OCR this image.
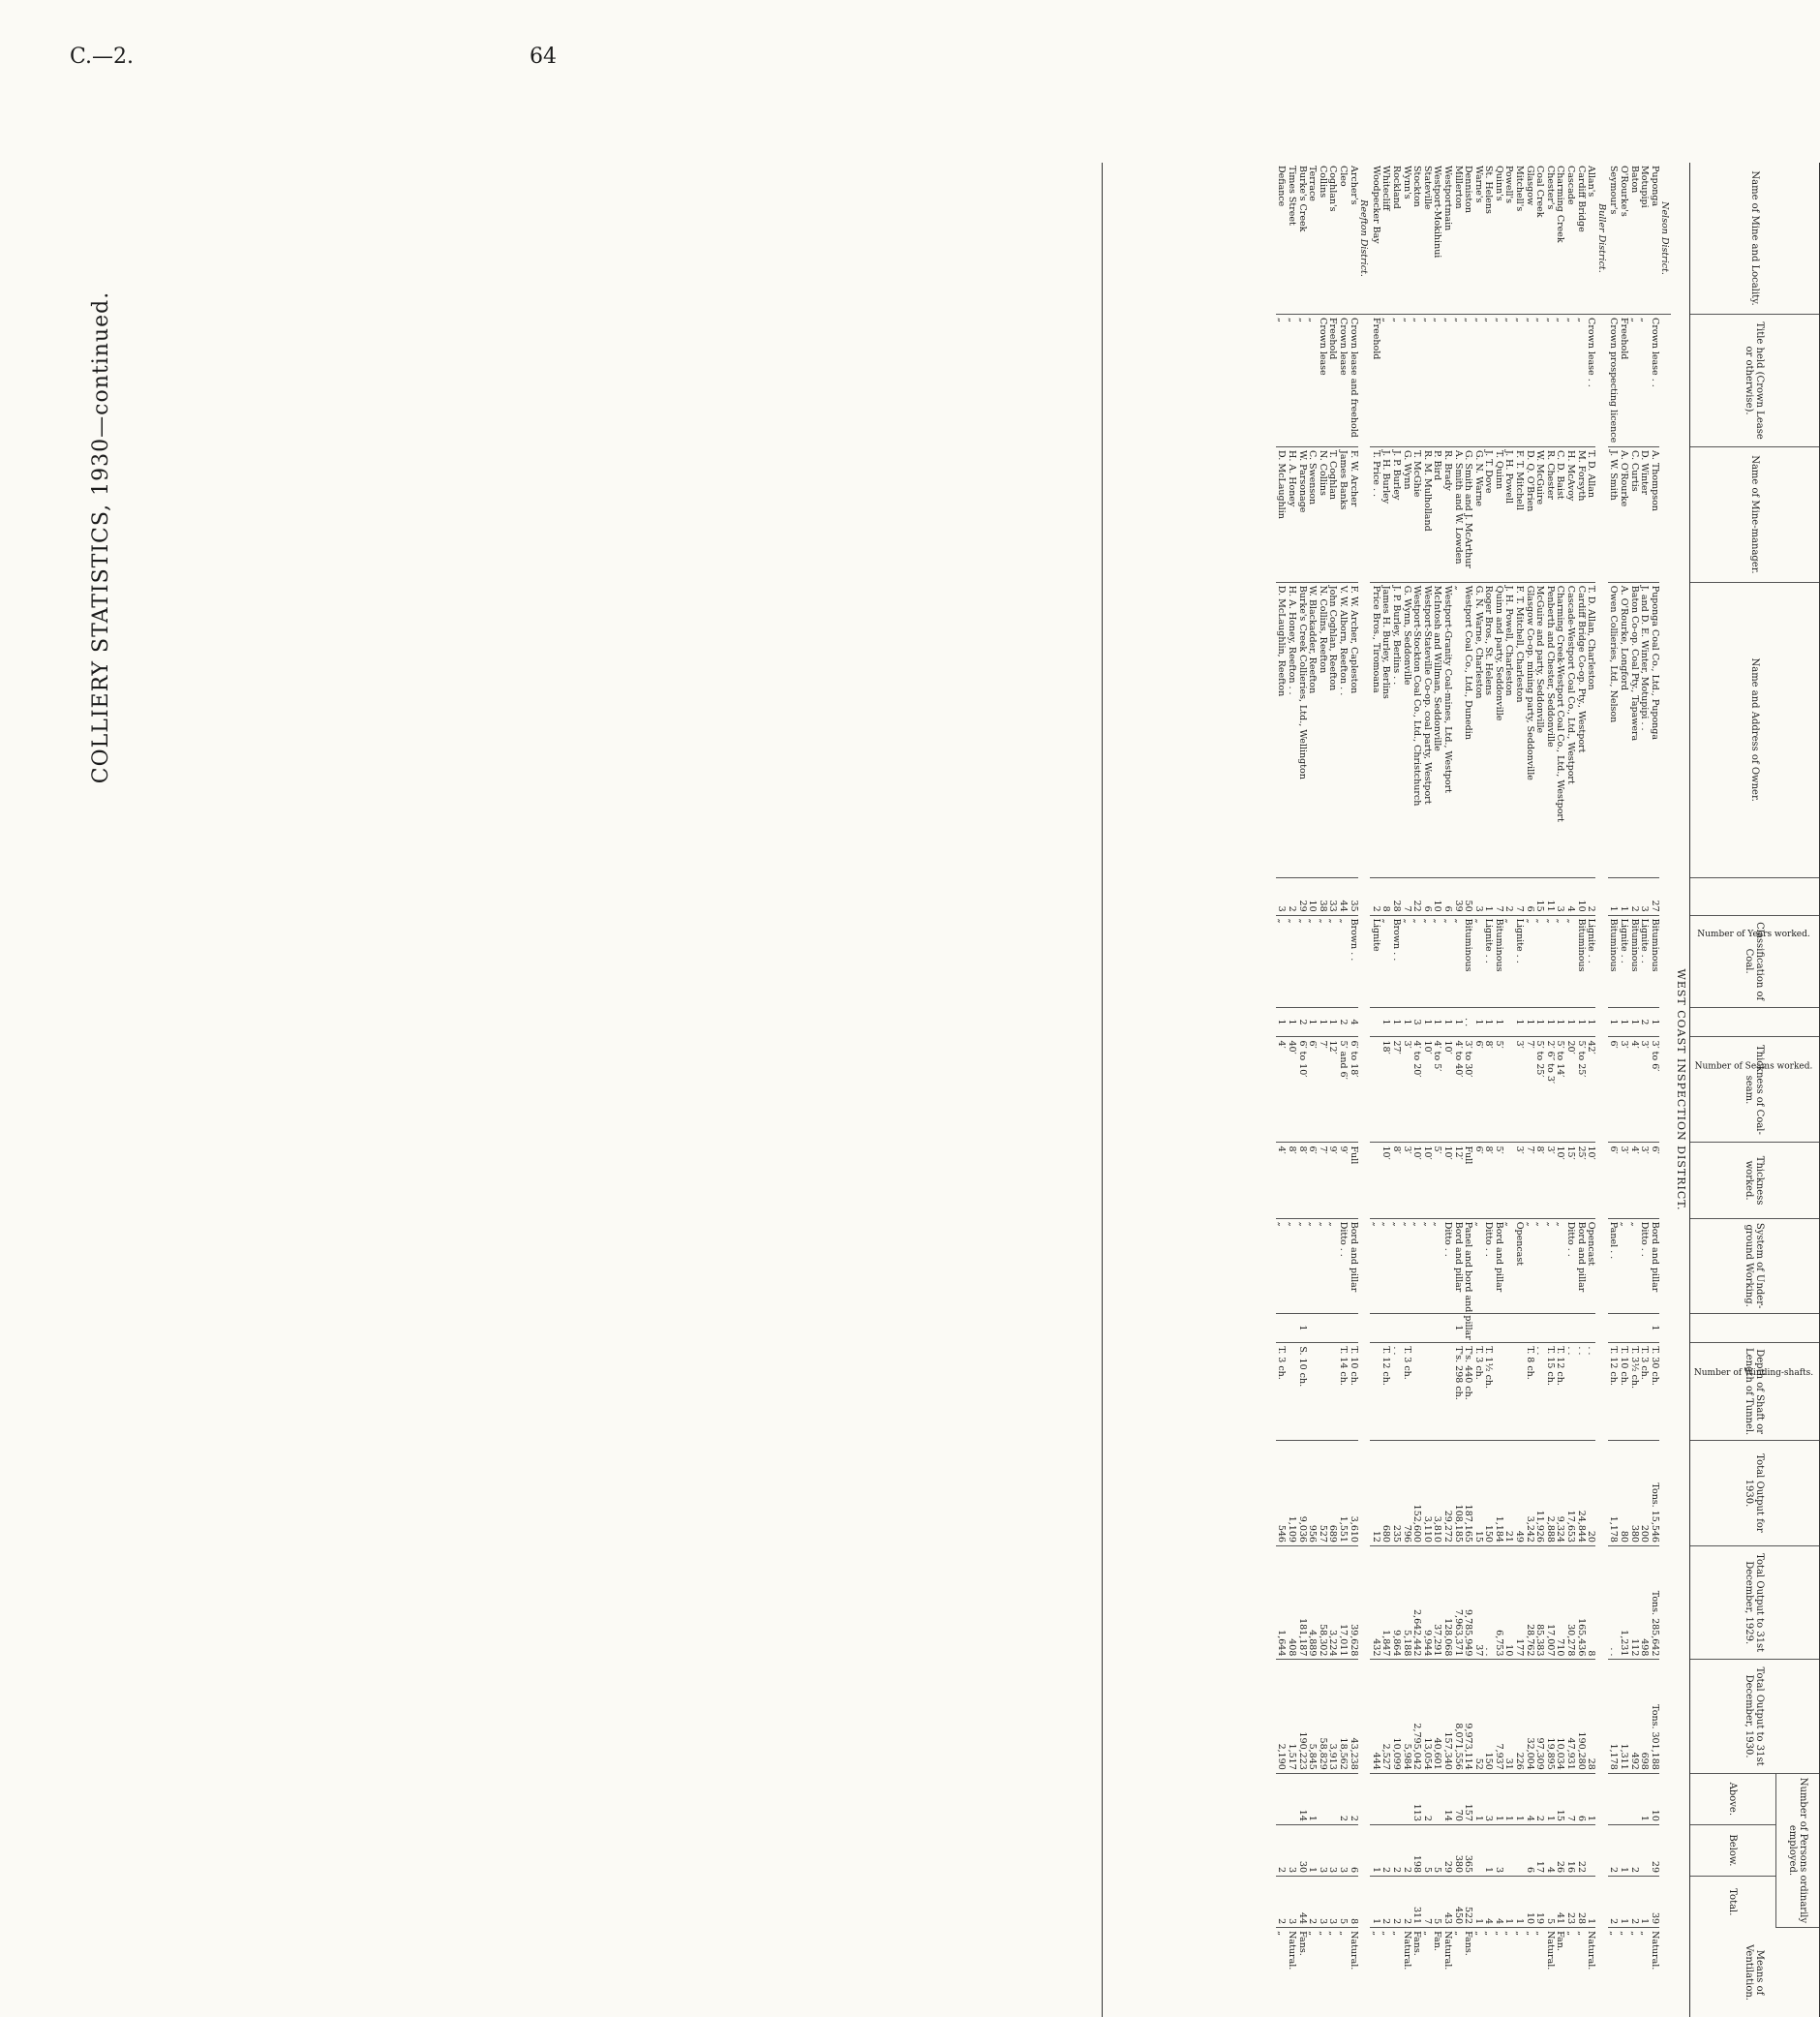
C.—2.	64
COLLIERY STATISTICS, 1930—continued.
Name of Mine and Locality.	Title held (Crown Lease or otherwise).	Name of Mine-manager.	Name and Address of Owner.	Number of Years worked.	Classification of Coal.	Number of Seams worked.	Thickness of Coal-seam.	Thickness worked.	System of Under-ground Working.	Number of Winding-shafts.	Depth of Shaft or Length of Tunnel.	Total Output for 1930.	Total Output to 31st December, 1929.	Total Output to 31st December, 1930.	Number of Persons ordinarily employed.			Means of Ventilation.
															Above.	Below.	Total.	
WEST COAST INSPECTION DISTRICT.																		
Nelson District.																		
Puponga	Crown lease . .	A. Thompson	Puponga Coal Co., Ltd., Puponga	27	Bituminous	1	3′ to 6′	6′	Bord and pillar	1	T. 30 ch.	Tons. 15,546	Tons. 285,642	Tons. 301,188	10	29	39	Natural.
Motupipi	„	D. Winter	J. and D. E. Winter, Motupipi . .	3	Lignite . .	2	3′	3′	Ditto . .		T. 3 ch.	200	498	698	1		1	„
Baton	„	C. Curtis	Baton Co-op. Coal Pty., Tapawera	2	Bituminous	1	4′	4′	„		T. 3½ ch.	380	112	492		2	2	„
O'Rourke's	Freehold	A. O'Rourke	A. O'Rourke, Longford	1	Lignite . .	1	3′	3′	„		T. 10 ch.	80	1,231	1,311		1	1	„
Seymour's	Crown prospecting licence	J. W. Smith	Owen Collieries, Ltd., Nelson	1	Bituminous	1	6′	6′	Panel . .		T. 12 ch.	1,178	. .	1,178		2	2	„
Buller District.																		
Allan's	Crown lease . .	T. D. Allan	T. D. Allan, Charleston	2	Lignite . .	1	42′	10′	Opencast		. .	20	8	28	1		1	Natural.
Cardiff Bridge	„	M. Forsyth	Cardiff Bridge Co-op. Pty., Westport	10	Bituminous	1	5′ to 25′	25′	Bord and pillar		. .	24,844	165,436	190,280	6	22	28	„
Cascade	„	H. McAvoy	Cascade-Westport Coal Co., Ltd., Westport	4	„	1	20′	15′	Ditto . .		. .	17,653	30,278	47,931	7	16	23	„
Charming Creek	„	C. D. Baist	Charming Creek-Westport Coal Co., Ltd., Westport	3	„	1	5′ to 14′	10′	„		T. 12 ch.	9,324	710	10,034	15	26	41	Fan.
Chester's	„	R. Chester	Penberth and Chester, Seddonville	11	„	1	2′ 6″ to 3′	3′	„		T. 15 ch.	2,888	17,007	19,895	1	4	5	Natural.
Coal Creek	„	W. McGuire	McGuire and party, Seddonville	15	„	1	5′ to 25′	8′	„		. .	11,926	85,383	97,309	2	17	19	„
Glasgow	„	D. Q. O'Brien	Glasgow Co-op. mining party, Seddonville	6	„	1	7′	7′	„		T. 8 ch.	3,242	28,762	32,004	4	6	10	„
Mitchell's	„	F. T. Mitchell	F. T. Mitchell, Charleston	7	Lignite . .	1	3′	3′	Opencast			49	177	226	1		1	„
Powell's	„	J. H. Powell	J. H. Powell, Charleston	2	„				„			21	10	31	1		1	„
Quinn's	„	T. Quinn	Quinn and party, Seddonville	7	Bituminous	1	5′	5′	Bord and pillar			1,184	6,753	7,937	1	3	4	„
St. Helens	„	J. T. Dove	Roger Bros., St. Helens	1	Lignite . .	1	8′	8′	Ditto . .		T. 1½ ch.	150	. .	150	3	1	4	„
Warne's	„	G. N. Warne	G. N. Warne, Charleston	3	„	1	6′	6′	„		T. 3 ch.	15	37	52	1		1	„
Denniston	„	G. Smith and J. McArthur	Westport Coal Co., Ltd., Dunedin	50	Bituminous	. .	3′ to 30′	Full	Panel and bord and pillar		T's. 440 ch.	187,165	9,785,949	9,973,114	157	365	522	Fans.
Millerton	„	A. Smith and W. Lowden	„	39	„	1	4′ to 40′	12′	Bord and pillar	1	T's. 298 ch.	108,185	7,963,371	8,071,556	70	380	450	„
Westportmain	„	R. Brady	Westport-Granity Coal-mines, Ltd., Westport	6	„	1	10′	10′	Ditto . .			29,272	128,068	157,340	14	29	43	Natural.
Westport-Mokihinui	„	P. Bird	McIntosh and Willman, Seddonville	10	„	1	4′ to 5′	5′	„			3,810	37,291	40,601		5	5	Fan.
Stateville	„	R. M. Mulholland	Westport-Stateville Co-op. coal party, Westport	6	„	1	10′	10′	„			3,110	9,944	13,054	2	5	7	„
Stockton	„	T. McGhie	Westport-Stockton Coal Co., Ltd., Christchurch	22	„	3	4′ to 20′	10′	„			152,600	2,642,442	2,795,042	113	198	311	Fans.
Wynn's	„	G. Wynn	G. Wynn, Seddonville	7	„	1	3′	3′	„		T. 3 ch.	796	5,188	5,984		2	2	Natural.
Rockland	„	J. P. Burley	J. P. Burley, Berlins . .	28	Brown . .	1	27′	8′	„		. .	235	9,864	10,099		2	2	„
Whitecliff	„	J. H. Burley	James H. Burley, Berlins	8	„	1	18′	10′	„		T. 12 ch.	680	1,847	2,527		2	2	„
Woodpecker Bay	Freehold	T. Price . .	Price Bros., Tiromoana	2	Lignite				„			12	432	444		1	1	„
Reefton District.																		
Archer's	Crown lease and freehold	F. W. Archer	F. W. Archer, Capleston	35	Brown . .	4	6′ to 18′	Full	Bord and pillar		T. 10 ch.	3,610	39,628	43,238	2	6	8	Natural.
Cleo	Crown lease	James Banks	V. W. Alborn, Reefton . .	44	„	2	5′ and 6′	9′	Ditto . .		T. 14 ch.	1,551	17,011	18,562	2	3	5	„
Coghlan's	Freehold	T. Coghlan	John Coghlan, Reefton	33	„	1	12′	9′	„			689	3,224	3,913		3	3	„
Collins	Crown lease	N. Collins	N. Collins, Reefton	38	„	1	7′	7′	„			527	58,302	58,829		3	3	„
Terrace	„	C. Swenson	W. Blackadder, Reefton	10	„	1	6′	6′	„			956	4,889	5,845	1	1	2	„
Burke's Creek	„	W. Parsonage	Burke's Creek Collieries, Ltd., Wellington	29	„	2	6′ to 10′	8′	„	1	S. 10 ch.	9,036	181,187	190,223	14	30	44	Fans.
Times Street	„	H. A. Honey	H. A. Honey, Reefton . .	2	„	1	40′	8′	„			1,109	408	1,517		3	3	Natural.
Defiance	„	D. McLaughlin	D. McLaughlin, Reefton	3	„	1	4′	4′	„		T. 3 ch.	546	1,644	2,190		2	2	„
